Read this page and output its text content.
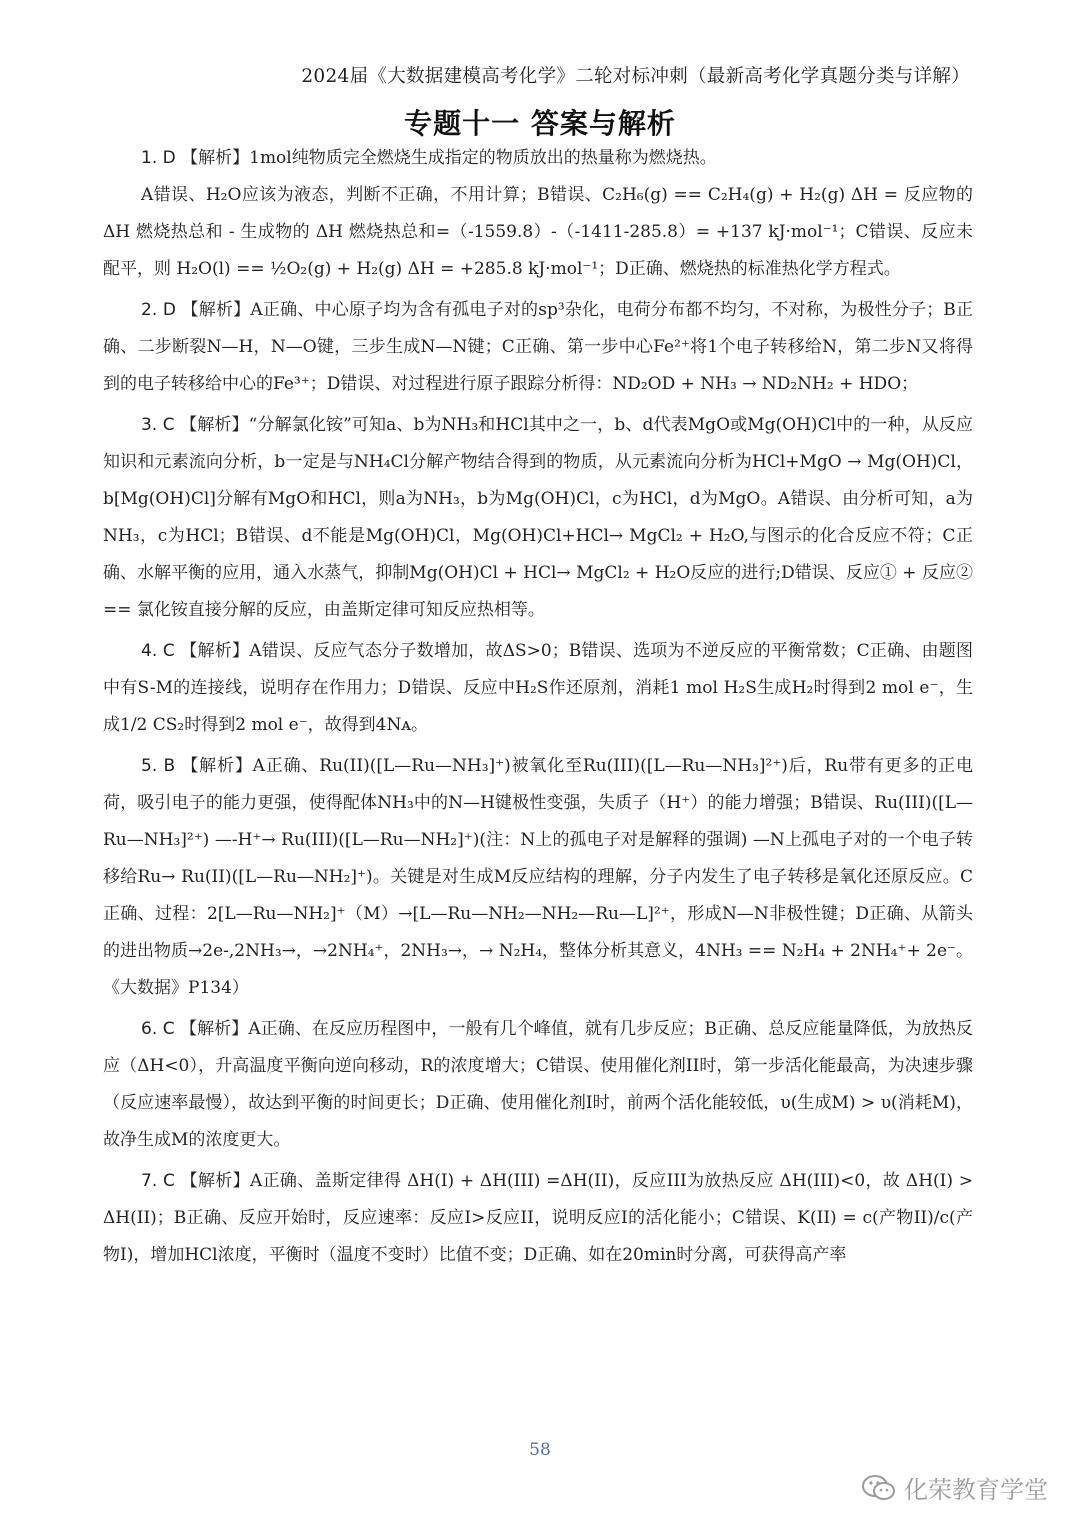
2024届《大数据建模高考化学》二轮对标冲刺（最新高考化学真题分类与详解）
专题十一 答案与解析

1. D 【解析】1mol纯物质完全燃烧生成指定的物质放出的热量称为燃烧热。

A错误、H₂O应该为液态，判断不正确，不用计算；B错误、C₂H₆(g) == C₂H₄(g) + H₂(g) ΔH = 反应物的 ΔH 燃烧热总和 - 生成物的 ΔH 燃烧热总和=（-1559.8）-（-1411-285.8）= +137 kJ·mol⁻¹；C错误、反应未配平，则 H₂O(l) == ½O₂(g) + H₂(g) ΔH = +285.8 kJ·mol⁻¹；D正确、燃烧热的标准热化学方程式。

2. D 【解析】A正确、中心原子均为含有孤电子对的sp³杂化，电荷分布都不均匀，不对称，为极性分子；B正确、二步断裂N—H，N—O键，三步生成N—N键；C正确、第一步中心Fe²⁺将1个电子转移给N，第二步N又将得到的电子转移给中心的Fe³⁺；D错误、对过程进行原子跟踪分析得：ND₂OD + NH₃ → ND₂NH₂ + HDO；

3. C 【解析】“分解氯化铵”可知a、b为NH₃和HCl其中之一，b、d代表MgO或Mg(OH)Cl中的一种，从反应知识和元素流向分析，b一定是与NH₄Cl分解产物结合得到的物质，从元素流向分析为HCl+MgO → Mg(OH)Cl，b[Mg(OH)Cl]分解有MgO和HCl，则a为NH₃，b为Mg(OH)Cl，c为HCl，d为MgO。A错误、由分析可知，a为NH₃，c为HCl；B错误、d不能是Mg(OH)Cl，Mg(OH)Cl+HCl→ MgCl₂ + H₂O,与图示的化合反应不符；C正确、水解平衡的应用，通入水蒸气，抑制Mg(OH)Cl + HCl→ MgCl₂ + H₂O反应的进行;D错误、反应① + 反应② == 氯化铵直接分解的反应，由盖斯定律可知反应热相等。

4. C 【解析】A错误、反应气态分子数增加，故ΔS>0；B错误、选项为不逆反应的平衡常数；C正确、由题图中有S-M的连接线，说明存在作用力；D错误、反应中H₂S作还原剂，消耗1 mol H₂S生成H₂时得到2 mol e⁻，生成1/2 CS₂时得到2 mol e⁻，故得到4Nᴀ。

5. B 【解析】A正确、Ru(II)([L—Ru—NH₃]⁺)被氧化至Ru(III)([L—Ru—NH₃]²⁺)后，Ru带有更多的正电荷，吸引电子的能力更强，使得配体NH₃中的N—H键极性变强，失质子（H⁺）的能力增强；B错误、Ru(III)([L—Ru—NH₃]²⁺) —-H⁺→ Ru(III)([L—Ru—NH₂]⁺)(注：N上的孤电子对是解释的强调) —N上孤电子对的一个电子转移给Ru→ Ru(II)([L—Ru—NH₂]⁺)。关键是对生成M反应结构的理解，分子内发生了电子转移是氧化还原反应。C正确、过程：2[L—Ru—NH₂]⁺（M）→[L—Ru—NH₂—NH₂—Ru—L]²⁺，形成N—N非极性键；D正确、从箭头的进出物质→2e-,2NH₃→，→2NH₄⁺，2NH₃→，→ N₂H₄，整体分析其意义，4NH₃ == N₂H₄ + 2NH₄⁺+ 2e⁻。《大数据》P134）

6. C 【解析】A正确、在反应历程图中，一般有几个峰值，就有几步反应；B正确、总反应能量降低，为放热反应（ΔH<0），升高温度平衡向逆向移动，R的浓度增大；C错误、使用催化剂II时，第一步活化能最高，为决速步骤（反应速率最慢），故达到平衡的时间更长；D正确、使用催化剂I时，前两个活化能较低，υ(生成M) > υ(消耗M)，故净生成M的浓度更大。

7. C 【解析】A正确、盖斯定律得 ΔH(I) + ΔH(III) =ΔH(II)，反应III为放热反应 ΔH(III)<0，故 ΔH(I) > ΔH(II)；B正确、反应开始时，反应速率：反应I>反应II，说明反应I的活化能小；C错误、K(II) = c(产物II)/c(产物I)，增加HCl浓度，平衡时（温度不变时）比值不变；D正确、如在20min时分离，可获得高产率

58
化荣教育学堂
